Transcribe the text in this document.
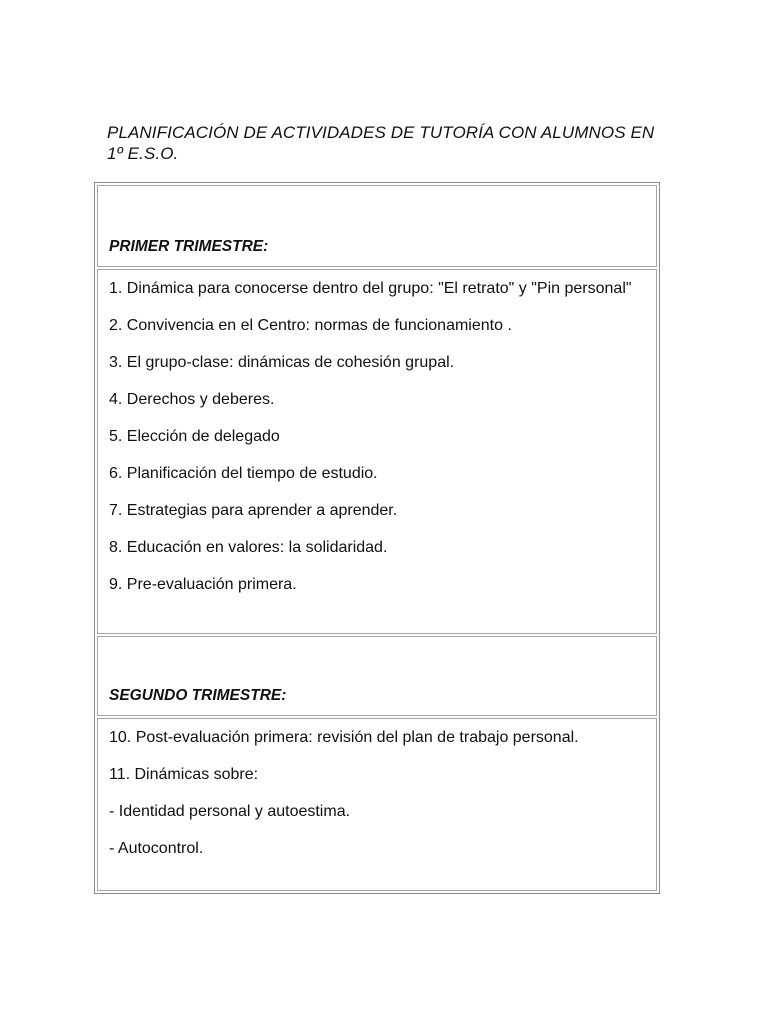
PLANIFICACIÓN DE ACTIVIDADES DE TUTORÍA CON ALUMNOS EN 1º E.S.O.

PRIMER TRIMESTRE:

1. Dinámica para conocerse dentro del grupo: "El retrato" y "Pin personal"

2. Convivencia en el Centro: normas de funcionamiento .

3. El grupo-clase: dinámicas de cohesión grupal.

4. Derechos y deberes.

5. Elección de delegado

6. Planificación del tiempo de estudio.

7. Estrategias para aprender a aprender.

8. Educación en valores: la solidaridad.

9. Pre-evaluación primera.

SEGUNDO TRIMESTRE:

10. Post-evaluación primera: revisión del plan de trabajo personal.

11. Dinámicas sobre:

- Identidad personal y autoestima.

- Autocontrol.
